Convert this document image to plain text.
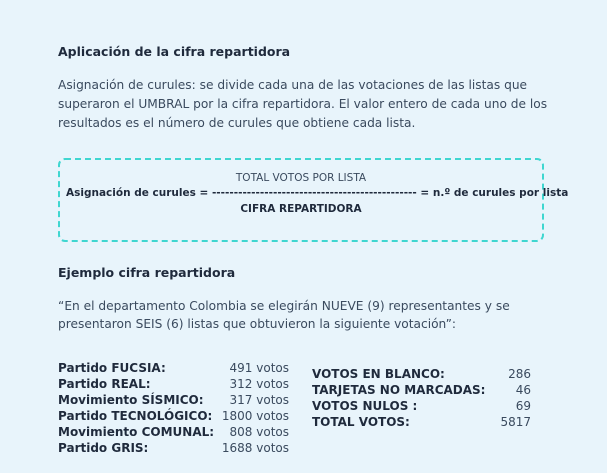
Aplicación de la cifra repartidora
Asignación de curules: se divide cada una de las votaciones de las listas que superaron el UMBRAL por la cifra repartidora. El valor entero de cada uno de los resultados es el número de curules que obtiene cada lista.
TOTAL VOTOS POR LISTA
Asignación de curules = ----------------------------------------------- = n.º de curules por lista
CIFRA REPARTIDORA
Ejemplo cifra repartidora
“En el departamento Colombia se elegirán NUEVE (9) representantes y se presentaron SEIS (6) listas que obtuvieron la siguiente votación”:
Partido FUCSIA:	491 votos
Partido REAL:	312 votos
Movimiento SÍSMICO: 317 votos
Partido TECNOLÓGICO: 1800 votos
Movimiento COMUNAL: 808 votos
Partido GRIS:	1688 votos
VOTOS EN BLANCO:	286
TARJETAS NO MARCADAS:	46
VOTOS NULOS :	69
TOTAL VOTOS:	5817
